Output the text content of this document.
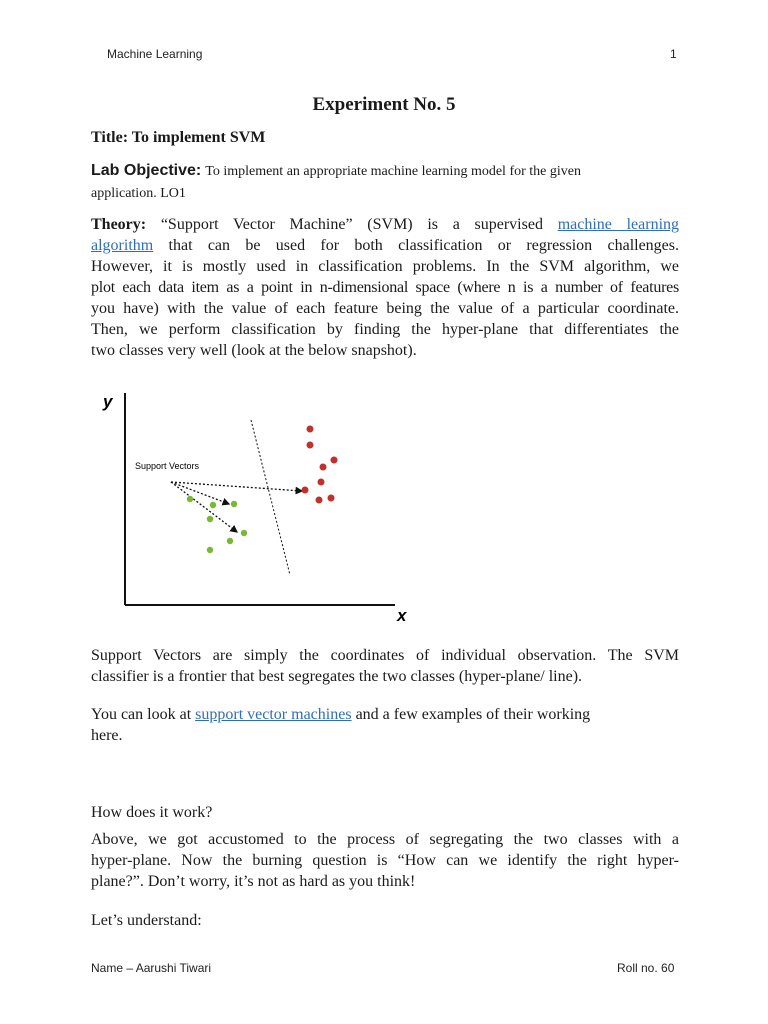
Machine Learning	1
Experiment No. 5
Title: To implement SVM
Lab Objective: To implement an appropriate machine learning model for the given
application. LO1
Theory: “Support Vector Machine” (SVM) is a supervised machine learning
algorithm that can be used for both classification or regression challenges.
However, it is mostly used in classification problems. In the SVM algorithm, we
plot each data item as a point in n-dimensional space (where n is a number of features
you have) with the value of each feature being the value of a particular coordinate.
Then, we perform classification by finding the hyper-plane that differentiates the
two classes very well (look at the below snapshot).
y
x
Support Vectors
Support Vectors are simply the coordinates of individual observation. The SVM
classifier is a frontier that best segregates the two classes (hyper-plane/ line).
You can look at support vector machines and a few examples of their working
here.
How does it work?
Above, we got accustomed to the process of segregating the two classes with a
hyper-plane. Now the burning question is “How can we identify the right hyper-
plane?”. Don’t worry, it’s not as hard as you think!
Let’s understand:
Name – Aarushi Tiwari	Roll no. 60
